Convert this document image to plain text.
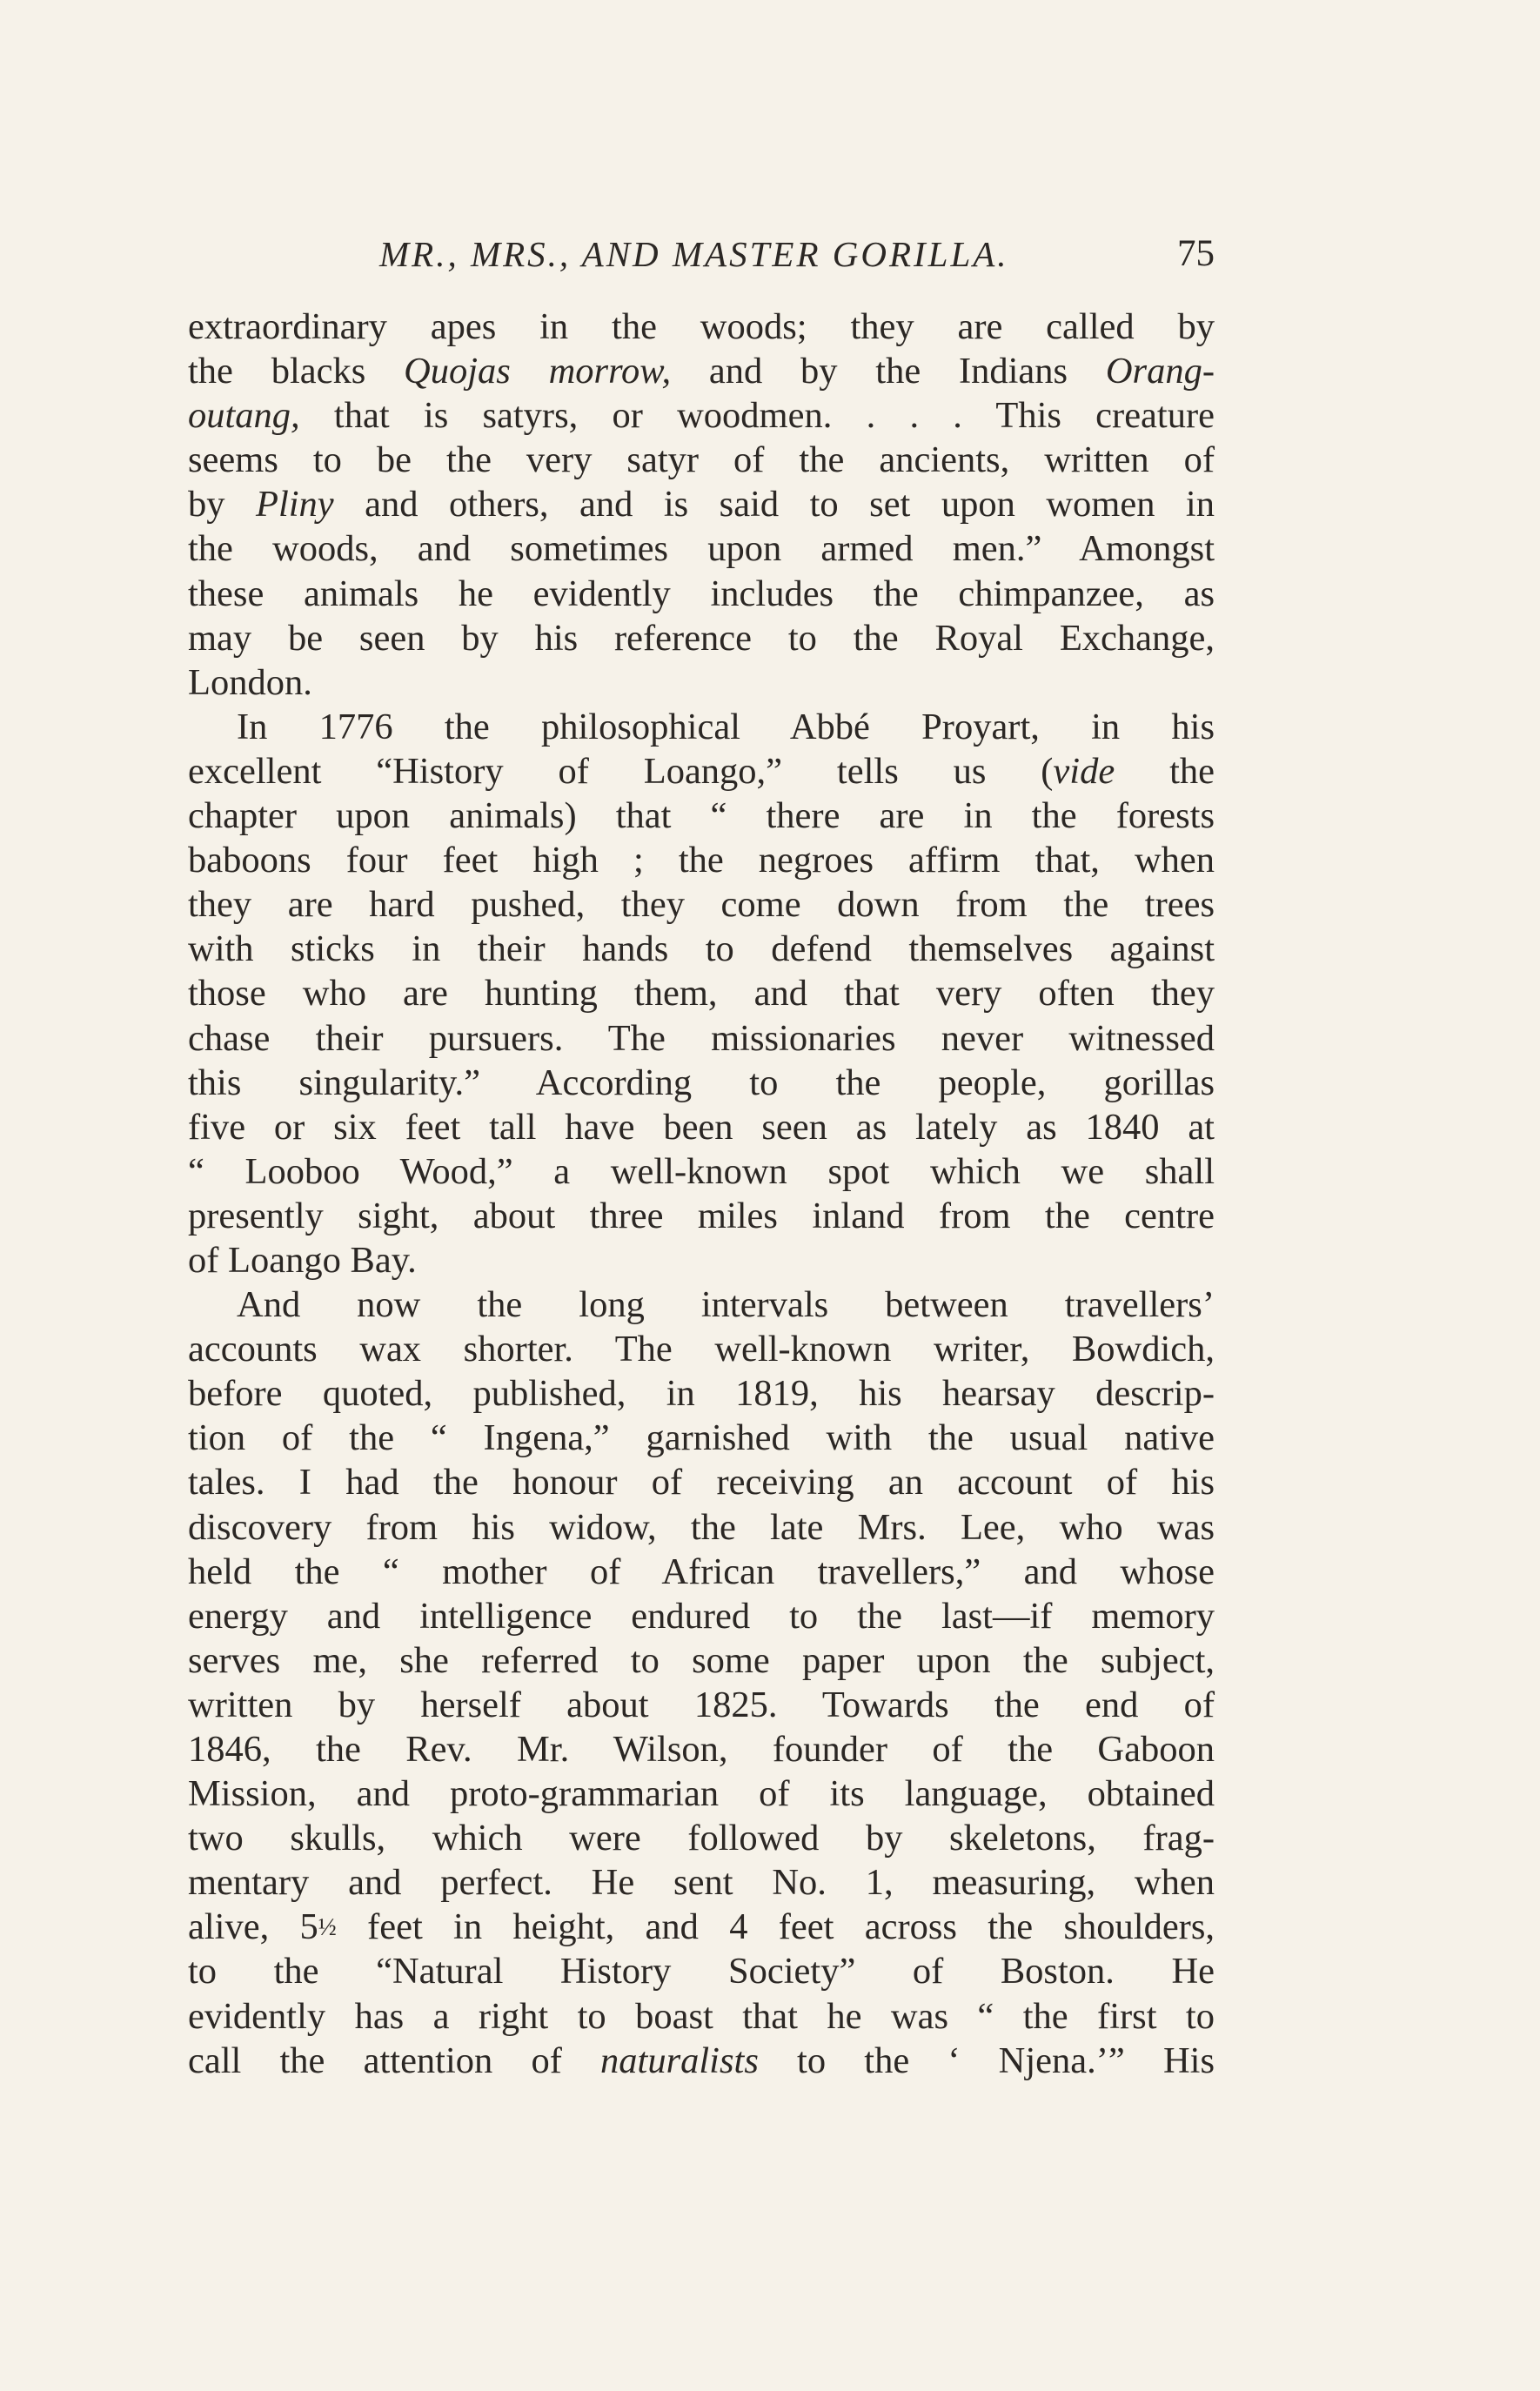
MR., MRS., AND MASTER GORILLA.	75
extraordinary apes in the woods; they are called by
the blacks Quojas morrow, and by the Indians Orang-
outang, that is satyrs, or woodmen. . . . This creature
seems to be the very satyr of the ancients, written of
by Pliny and others, and is said to set upon women in
the woods, and sometimes upon armed men.” Amongst
these animals he evidently includes the chimpanzee, as
may be seen by his reference to the Royal Exchange,
London.
In 1776 the philosophical Abbé Proyart, in his
excellent “History of Loango,” tells us (vide the
chapter upon animals) that “ there are in the forests
baboons four feet high ; the negroes affirm that, when
they are hard pushed, they come down from the trees
with sticks in their hands to defend themselves against
those who are hunting them, and that very often they
chase their pursuers. The missionaries never witnessed
this singularity.” According to the people, gorillas
five or six feet tall have been seen as lately as 1840 at
“ Looboo Wood,” a well-known spot which we shall
presently sight, about three miles inland from the centre
of Loango Bay.
And now the long intervals between travellers’
accounts wax shorter. The well-known writer, Bowdich,
before quoted, published, in 1819, his hearsay descrip-
tion of the “ Ingena,” garnished with the usual native
tales. I had the honour of receiving an account of his
discovery from his widow, the late Mrs. Lee, who was
held the “ mother of African travellers,” and whose
energy and intelligence endured to the last—if memory
serves me, she referred to some paper upon the subject,
written by herself about 1825. Towards the end of
1846, the Rev. Mr. Wilson, founder of the Gaboon
Mission, and proto-grammarian of its language, obtained
two skulls, which were followed by skeletons, frag-
mentary and perfect. He sent No. 1, measuring, when
alive, 5½ feet in height, and 4 feet across the shoulders,
to the “Natural History Society” of Boston. He
evidently has a right to boast that he was “ the first to
call the attention of naturalists to the ‘ Njena.’” His
